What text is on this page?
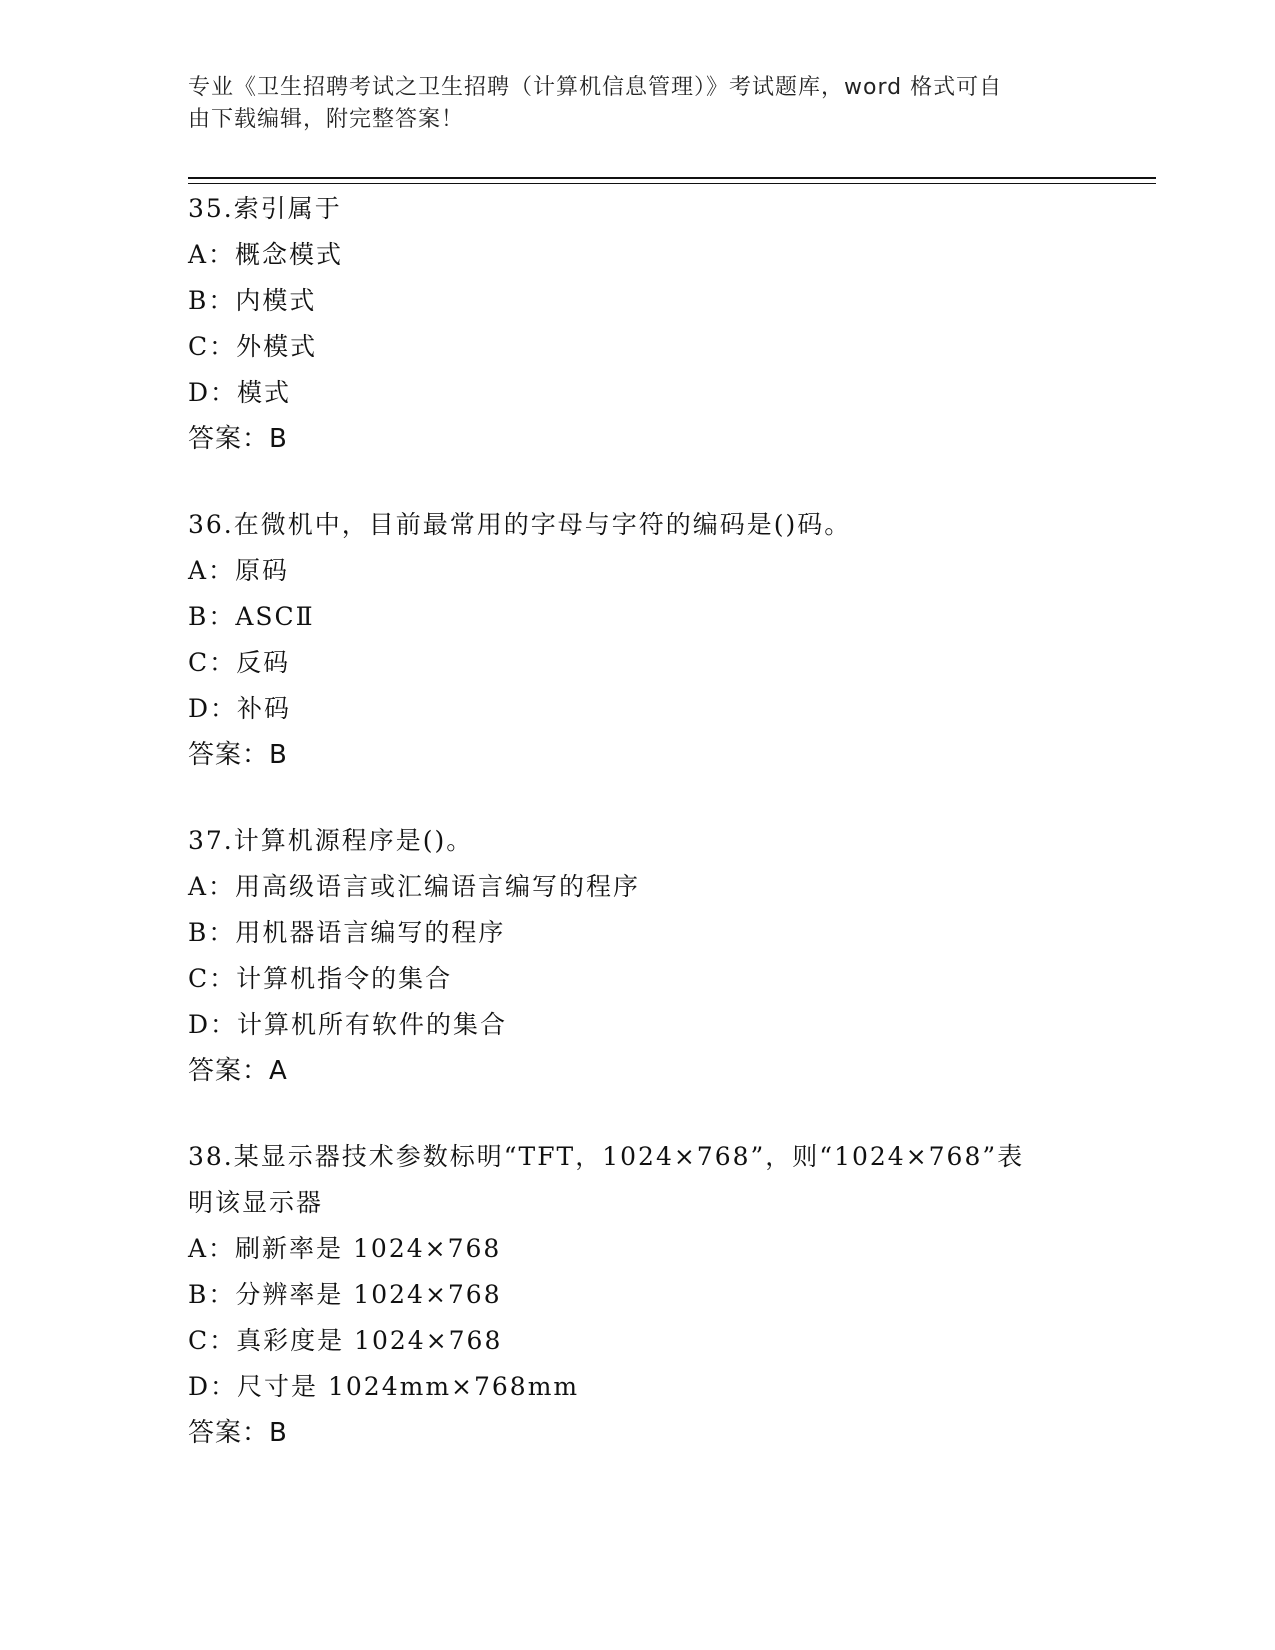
专业《卫生招聘考试之卫生招聘（计算机信息管理）》考试题库，word 格式可自
由下载编辑，附完整答案！
35.索引属于
A：概念模式
B：内模式
C：外模式
D：模式
答案：B
36.在微机中，目前最常用的字母与字符的编码是()码。
A：原码
B：ASCⅡ
C：反码
D：补码
答案：B
37.计算机源程序是()。
A：用高级语言或汇编语言编写的程序
B：用机器语言编写的程序
C：计算机指令的集合
D：计算机所有软件的集合
答案：A
38.某显示器技术参数标明“TFT，1024×768”，则“1024×768”表
明该显示器
A：刷新率是 1024×768
B：分辨率是 1024×768
C：真彩度是 1024×768
D：尺寸是 1024mm×768mm
答案：B
